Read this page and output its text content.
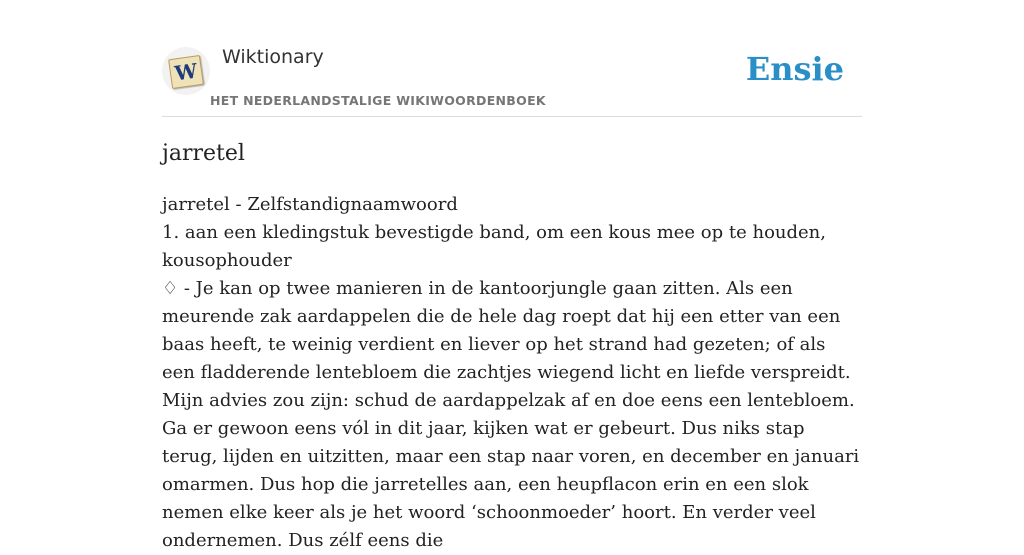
W
Wiktionary
HET NEDERLANDSTALIGE WIKIWOORDENBOEK
Ensie
jarretel

jarretel - Zelfstandignaamwoord

1. aan een kledingstuk bevestigde band, om een kous mee op te houden, kousophouder

♢ - Je kan op twee manieren in de kantoorjungle gaan zitten. Als een meurende zak aardappelen die de hele dag roept dat hij een etter van een baas heeft, te weinig verdient en liever op het strand had gezeten; of als een fladderende lentebloem die zachtjes wiegend licht en liefde verspreidt. Mijn advies zou zijn: schud de aardappelzak af en doe eens een lentebloem. Ga er gewoon eens vól in dit jaar, kijken wat er gebeurt. Dus niks stap terug, lijden en uitzitten, maar een stap naar voren, en december en januari omarmen. Dus hop die jarretelles aan, een heupflacon erin en een slok nemen elke keer als je het woord ‘schoonmoeder’ hoort. En verder veel ondernemen. Dus zélf eens die
